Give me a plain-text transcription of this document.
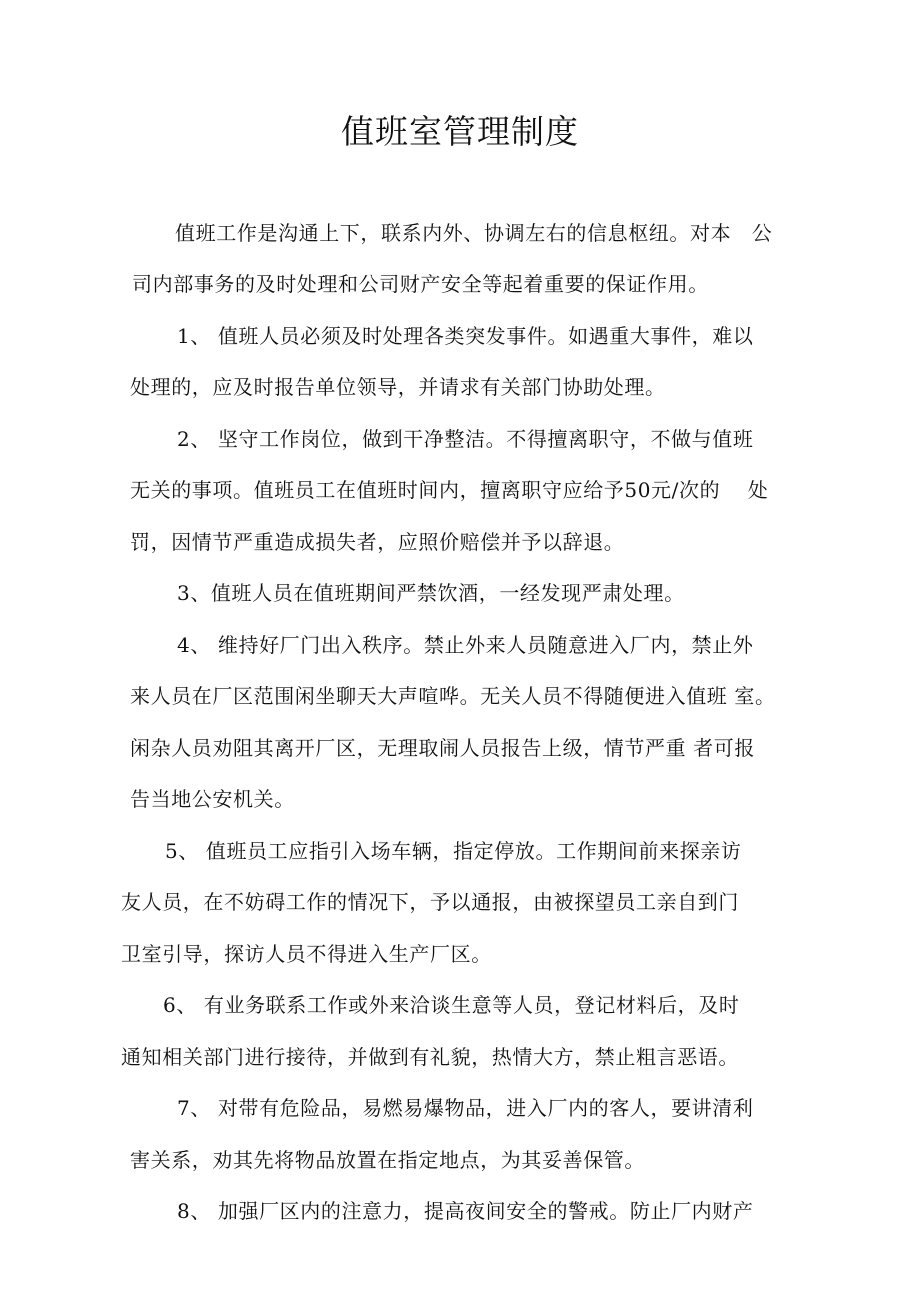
值班室管理制度
值班工作是沟通上下，联系内外、协调左右的信息枢纽。对本　公
司内部事务的及时处理和公司财产安全等起着重要的保证作用。
1、 值班人员必须及时处理各类突发事件。如遇重大事件，难以
处理的，应及时报告单位领导，并请求有关部门协助处理。
2、 坚守工作岗位，做到干净整洁。不得擅离职守，不做与值班
无关的事项。值班员工在值班时间内，擅离职守应给予50元/次的　 处
罚，因情节严重造成损失者，应照价赔偿并予以辞退。
3、值班人员在值班期间严禁饮酒，一经发现严肃处理。
4、 维持好厂门出入秩序。禁止外来人员随意进入厂内，禁止外
来人员在厂区范围闲坐聊天大声喧哗。无关人员不得随便进入值班 室。
闲杂人员劝阻其离开厂区，无理取闹人员报告上级，情节严重 者可报
告当地公安机关。
5、 值班员工应指引入场车辆，指定停放。工作期间前来探亲访
友人员，在不妨碍工作的情况下，予以通报，由被探望员工亲自到门
卫室引导，探访人员不得进入生产厂区。
6、 有业务联系工作或外来洽谈生意等人员，登记材料后，及时
通知相关部门进行接待，并做到有礼貌，热情大方，禁止粗言恶语。
7、 对带有危险品，易燃易爆物品，进入厂内的客人，要讲清利
害关系，劝其先将物品放置在指定地点，为其妥善保管。
8、 加强厂区内的注意力，提高夜间安全的警戒。防止厂内财产
